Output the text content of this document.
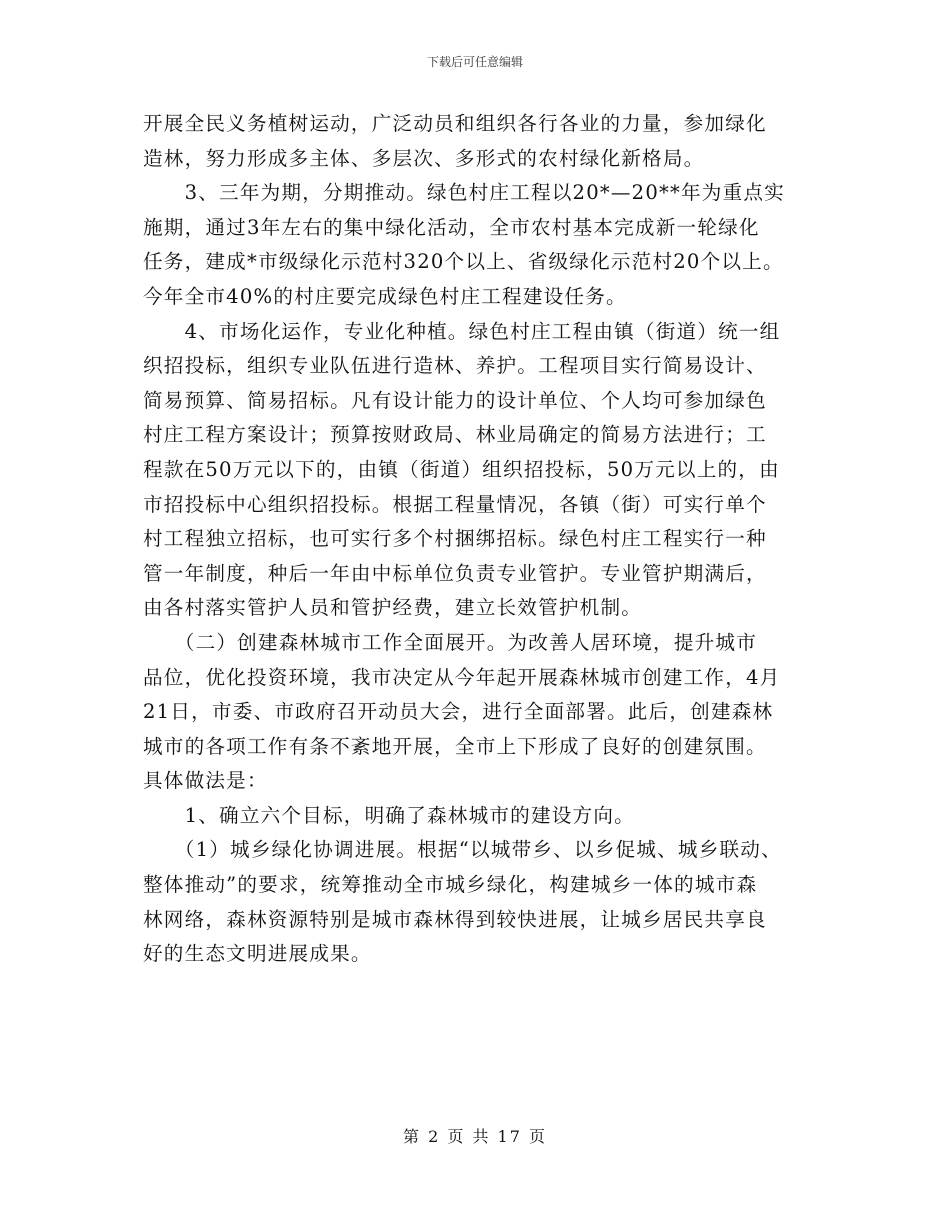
下载后可任意编辑
开展全民义务植树运动，广泛动员和组织各行各业的力量，参加绿化
造林，努力形成多主体、多层次、多形式的农村绿化新格局。
　　3、三年为期，分期推动。绿色村庄工程以20*—20**年为重点实
施期，通过3年左右的集中绿化活动，全市农村基本完成新一轮绿化
任务，建成*市级绿化示范村320个以上、省级绿化示范村20个以上。
今年全市40%的村庄要完成绿色村庄工程建设任务。
　　4、市场化运作，专业化种植。绿色村庄工程由镇（街道）统一组
织招投标，组织专业队伍进行造林、养护。工程项目实行简易设计、
简易预算、简易招标。凡有设计能力的设计单位、个人均可参加绿色
村庄工程方案设计；预算按财政局、林业局确定的简易方法进行；工
程款在50万元以下的，由镇（街道）组织招投标，50万元以上的，由
市招投标中心组织招投标。根据工程量情况，各镇（街）可实行单个
村工程独立招标，也可实行多个村捆绑招标。绿色村庄工程实行一种
管一年制度，种后一年由中标单位负责专业管护。专业管护期满后，
由各村落实管护人员和管护经费，建立长效管护机制。
　　（二）创建森林城市工作全面展开。为改善人居环境，提升城市
品位，优化投资环境，我市决定从今年起开展森林城市创建工作，4月
21日，市委、市政府召开动员大会，进行全面部署。此后，创建森林
城市的各项工作有条不紊地开展，全市上下形成了良好的创建氛围。
具体做法是：
　　1、确立六个目标，明确了森林城市的建设方向。
　　（1）城乡绿化协调进展。根据“以城带乡、以乡促城、城乡联动、
整体推动”的要求，统筹推动全市城乡绿化，构建城乡一体的城市森
林网络，森林资源特别是城市森林得到较快进展，让城乡居民共享良
好的生态文明进展成果。
第 2 页 共 17 页
